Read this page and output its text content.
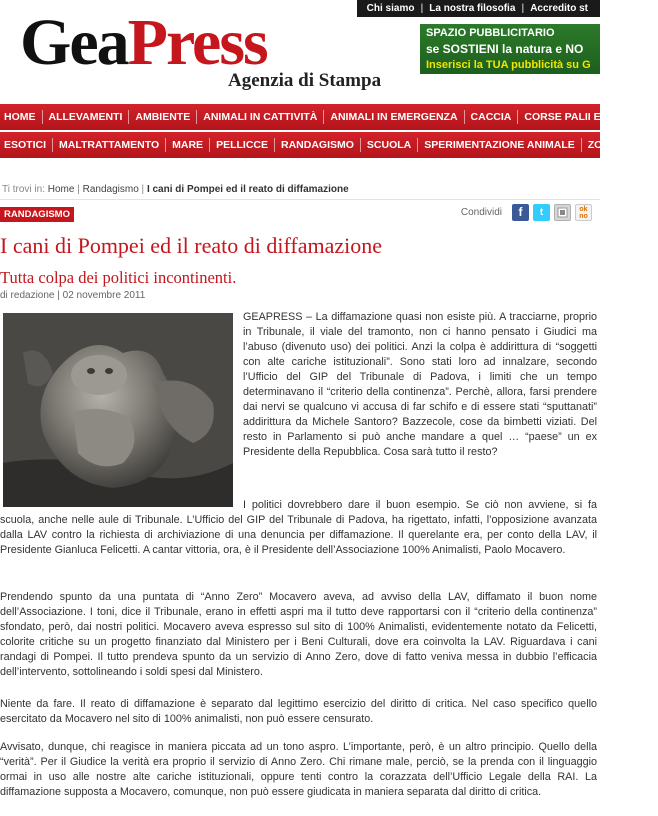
Chi siamo | La nostra filosofia | Accredito st
GeaPress
Agenzia di Stampa
SPAZIO PUBBLICITARIO
se SOSTIENI la natura e NO
Inserisci la TUA pubblicità su G
HOME	ALLEVAMENTI	AMBIENTE	ANIMALI IN CATTIVITÀ	ANIMALI IN EMERGENZA	CACCIA	CORSE PALII E GIOSTRE
ESOTICI	MALTRATTAMENTO	MARE	PELLICCE	RANDAGISMO	SCUOLA	SPERIMENTAZIONE ANIMALE	ZOOMAFIA
Ti trovi in: Home | Randagismo | I cani di Pompei ed il reato di diffamazione
RANDAGISMO	Condividi	f	t	ok
no
I cani di Pompei ed il reato di diffamazione
Tutta colpa dei politici incontinenti.
di redazione | 02 novembre 2011

GEAPRESS – La diffamazione quasi non esiste più. A tracciarne, proprio in Tribunale, il viale del tramonto, non ci hanno pensato i Giudici ma l’abuso (divenuto uso) dei politici. Anzi la colpa è addirittura di “soggetti con alte cariche istituzionali”. Sono stati loro ad innalzare, secondo l’Ufficio del GIP del Tribunale di Padova, i limiti che un tempo determinavano il “criterio della continenza”. Perchè, allora, farsi prendere dai nervi se qualcuno vi accusa di far schifo e di essere stati “sputtanati” addirittura da Michele Santoro? Bazzecole, cose da bimbetti viziati. Del resto in Parlamento si può anche mandare a quel … “paese” un ex Presidente della Repubblica. Cosa sarà tutto il resto?

I politici dovrebbero dare il buon esempio. Se ciò non avviene, si fa scuola, anche nelle aule di Tribunale. L’Ufficio del GIP del Tribunale di Padova, ha rigettato, infatti, l’opposizione avanzata dalla LAV contro la richiesta di archiviazione di una denuncia per diffamazione. Il querelante era, per conto della LAV, il Presidente Gianluca Felicetti. A cantar vittoria, ora, è il Presidente dell’Associazione 100% Animalisti, Paolo Mocavero.

Prendendo spunto da una puntata di “Anno Zero” Mocavero aveva, ad avviso della LAV, diffamato il buon nome dell’Associazione. I toni, dice il Tribunale, erano in effetti aspri ma il tutto deve rapportarsi con il “criterio della continenza” sfondato, però, dai nostri politici. Mocavero aveva espresso sul sito di 100% Animalisti, evidentemente notato da Felicetti, colorite critiche su un progetto finanziato dal Ministero per i Beni Culturali, dove era coinvolta la LAV. Riguardava i cani randagi di Pompei. Il tutto prendeva spunto da un servizio di Anno Zero, dove di fatto veniva messa in dubbio l’efficacia dell’intervento, sottolineando i soldi spesi dal Ministero.

Niente da fare. Il reato di diffamazione è separato dal legittimo esercizio del diritto di critica. Nel caso specifico quello esercitato da Mocavero nel sito di 100% animalisti, non può essere censurato.

Avvisato, dunque, chi reagisce in maniera piccata ad un tono aspro. L’importante, però, è un altro principio. Quello della “verità”. Per il Giudice la verità era proprio il servizio di Anno Zero. Chi rimane male, perciò, se la prenda con il linguaggio ormai in uso alle nostre alte cariche istituzionali, oppure tenti contro la corazzata dell’Ufficio Legale della RAI. La diffamazione supposta a Mocavero, comunque, non può essere giudicata in maniera separata dal diritto di critica.
